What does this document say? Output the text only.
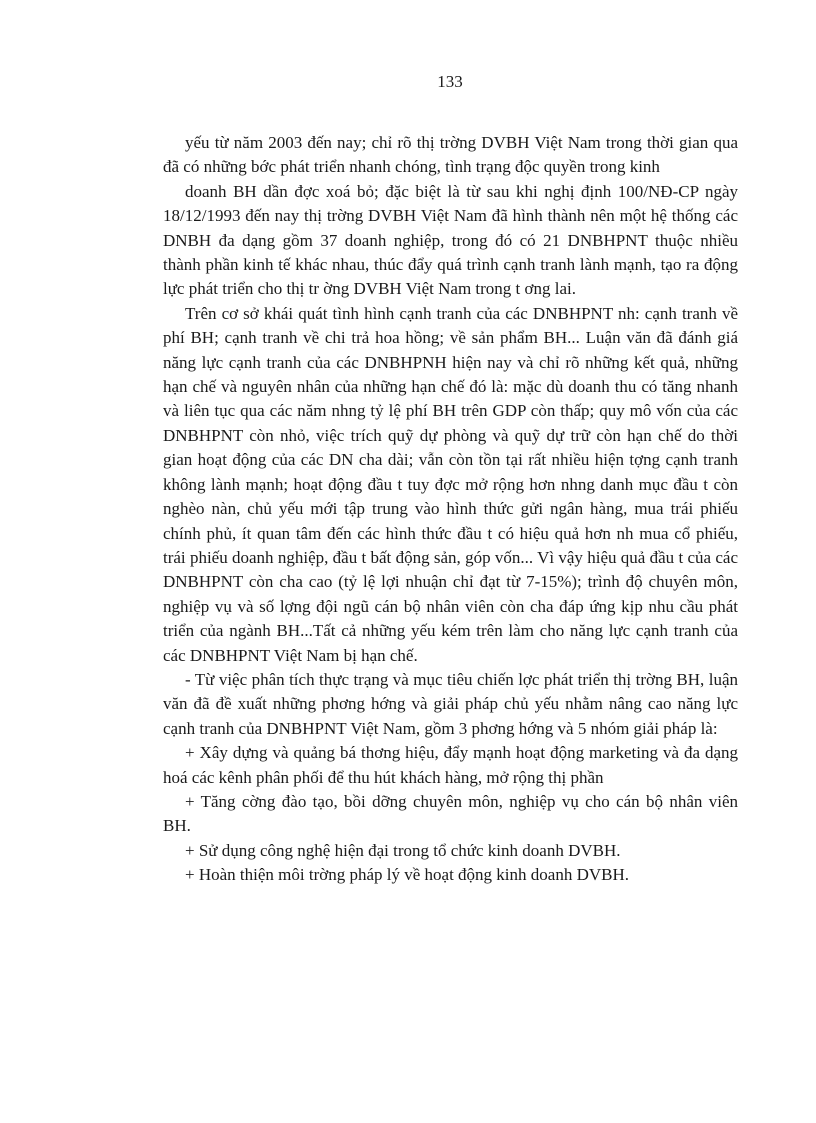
133

yếu từ năm 2003 đến nay; chỉ rõ thị trờng DVBH Việt Nam trong thời gian qua đã có những bớc phát triển nhanh chóng, tình trạng độc quyền trong kinh

doanh BH dần đợc xoá bỏ; đặc biệt là từ sau khi nghị định 100/NĐ-CP ngày 18/12/1993 đến nay thị trờng DVBH Việt Nam đã hình thành nên một hệ thống các DNBH đa dạng gồm 37 doanh nghiệp, trong đó có 21 DNBHPNT thuộc nhiều thành phần kinh tế khác nhau, thúc đẩy quá trình cạnh tranh lành mạnh, tạo ra động lực phát triển cho thị tr ờng DVBH Việt Nam trong t ơng lai.

Trên cơ sở khái quát tình hình cạnh tranh của các DNBHPNT nh: cạnh tranh về phí BH; cạnh tranh về chi trả hoa hồng; về sản phẩm BH... Luận văn đã đánh giá năng lực cạnh tranh của các DNBHPNH hiện nay và chỉ rõ những kết quả, những hạn chế và nguyên nhân của những hạn chế đó là: mặc dù doanh thu có tăng nhanh và liên tục qua các năm nhng tỷ lệ phí BH trên GDP còn thấp; quy mô vốn của các DNBHPNT còn nhỏ, việc trích quỹ dự phòng và quỹ dự trữ còn hạn chế do thời gian hoạt động của các DN cha dài; vẫn còn tồn tại rất nhiều hiện tợng cạnh tranh không lành mạnh; hoạt động đầu t tuy đợc mở rộng hơn nhng danh mục đầu t còn nghèo nàn, chủ yếu mới tập trung vào hình thức gửi ngân hàng, mua trái phiếu chính phủ, ít quan tâm đến các hình thức đầu t có hiệu quả hơn nh mua cổ phiếu, trái phiếu doanh nghiệp, đầu t bất động sản, góp vốn... Vì vậy hiệu quả đầu t của các DNBHPNT còn cha cao (tỷ lệ lợi nhuận chỉ đạt từ 7-15%); trình độ chuyên môn, nghiệp vụ và số lợng đội ngũ cán bộ nhân viên còn cha đáp ứng kịp nhu cầu phát triển của ngành BH...Tất cả những yếu kém trên làm cho năng lực cạnh tranh của các DNBHPNT Việt Nam bị hạn chế.

- Từ việc phân tích thực trạng và mục tiêu chiến lợc phát triển thị trờng BH, luận văn đã đề xuất những phơng hớng và giải pháp chủ yếu nhằm nâng cao năng lực cạnh tranh của DNBHPNT Việt Nam, gồm 3 phơng hớng và 5 nhóm giải pháp là:

+ Xây dựng và quảng bá thơng hiệu, đẩy mạnh hoạt động marketing và đa dạng hoá các kênh phân phối để thu hút khách hàng, mở rộng thị phần

+ Tăng cờng đào tạo, bồi dỡng chuyên môn, nghiệp vụ cho cán bộ nhân viên BH.

+ Sử dụng công nghệ hiện đại trong tổ chức kinh doanh DVBH.

+ Hoàn thiện môi trờng pháp lý về hoạt động kinh doanh DVBH.
